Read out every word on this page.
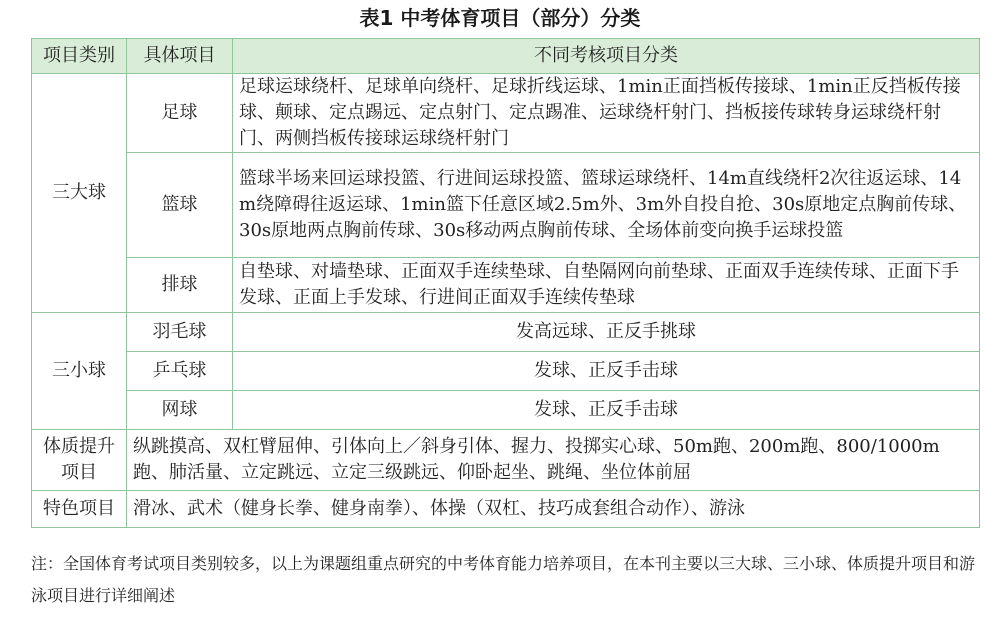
表1 中考体育项目（部分）分类
项目类别	具体项目	不同考核项目分类
三大球	足球	足球运球绕杆、足球单向绕杆、足球折线运球、1min正面挡板传接球、1min正反挡板传接球、颠球、定点踢远、定点射门、定点踢准、运球绕杆射门、挡板接传球转身运球绕杆射门、两侧挡板传接球运球绕杆射门
	篮球	篮球半场来回运球投篮、行进间运球投篮、篮球运球绕杆、14m直线绕杆2次往返运球、14m绕障碍往返运球、1min篮下任意区域2.5m外、3m外自投自抢、30s原地定点胸前传球、30s原地两点胸前传球、30s移动两点胸前传球、全场体前变向换手运球投篮
	排球	自垫球、对墙垫球、正面双手连续垫球、自垫隔网向前垫球、正面双手连续传球、正面下手发球、正面上手发球、行进间正面双手连续传垫球
三小球	羽毛球	发高远球、正反手挑球
	乒乓球	发球、正反手击球
	网球	发球、正反手击球
体质提升项目	纵跳摸高、双杠臂屈伸、引体向上／斜身引体、握力、投掷实心球、50m跑、200m跑、800/1000m跑、肺活量、立定跳远、立定三级跳远、仰卧起坐、跳绳、坐位体前屈	
特色项目	滑冰、武术（健身长拳、健身南拳）、体操（双杠、技巧成套组合动作）、游泳	
注：全国体育考试项目类别较多，以上为课题组重点研究的中考体育能力培养项目，在本刊主要以三大球、三小球、体质提升项目和游泳项目进行详细阐述
